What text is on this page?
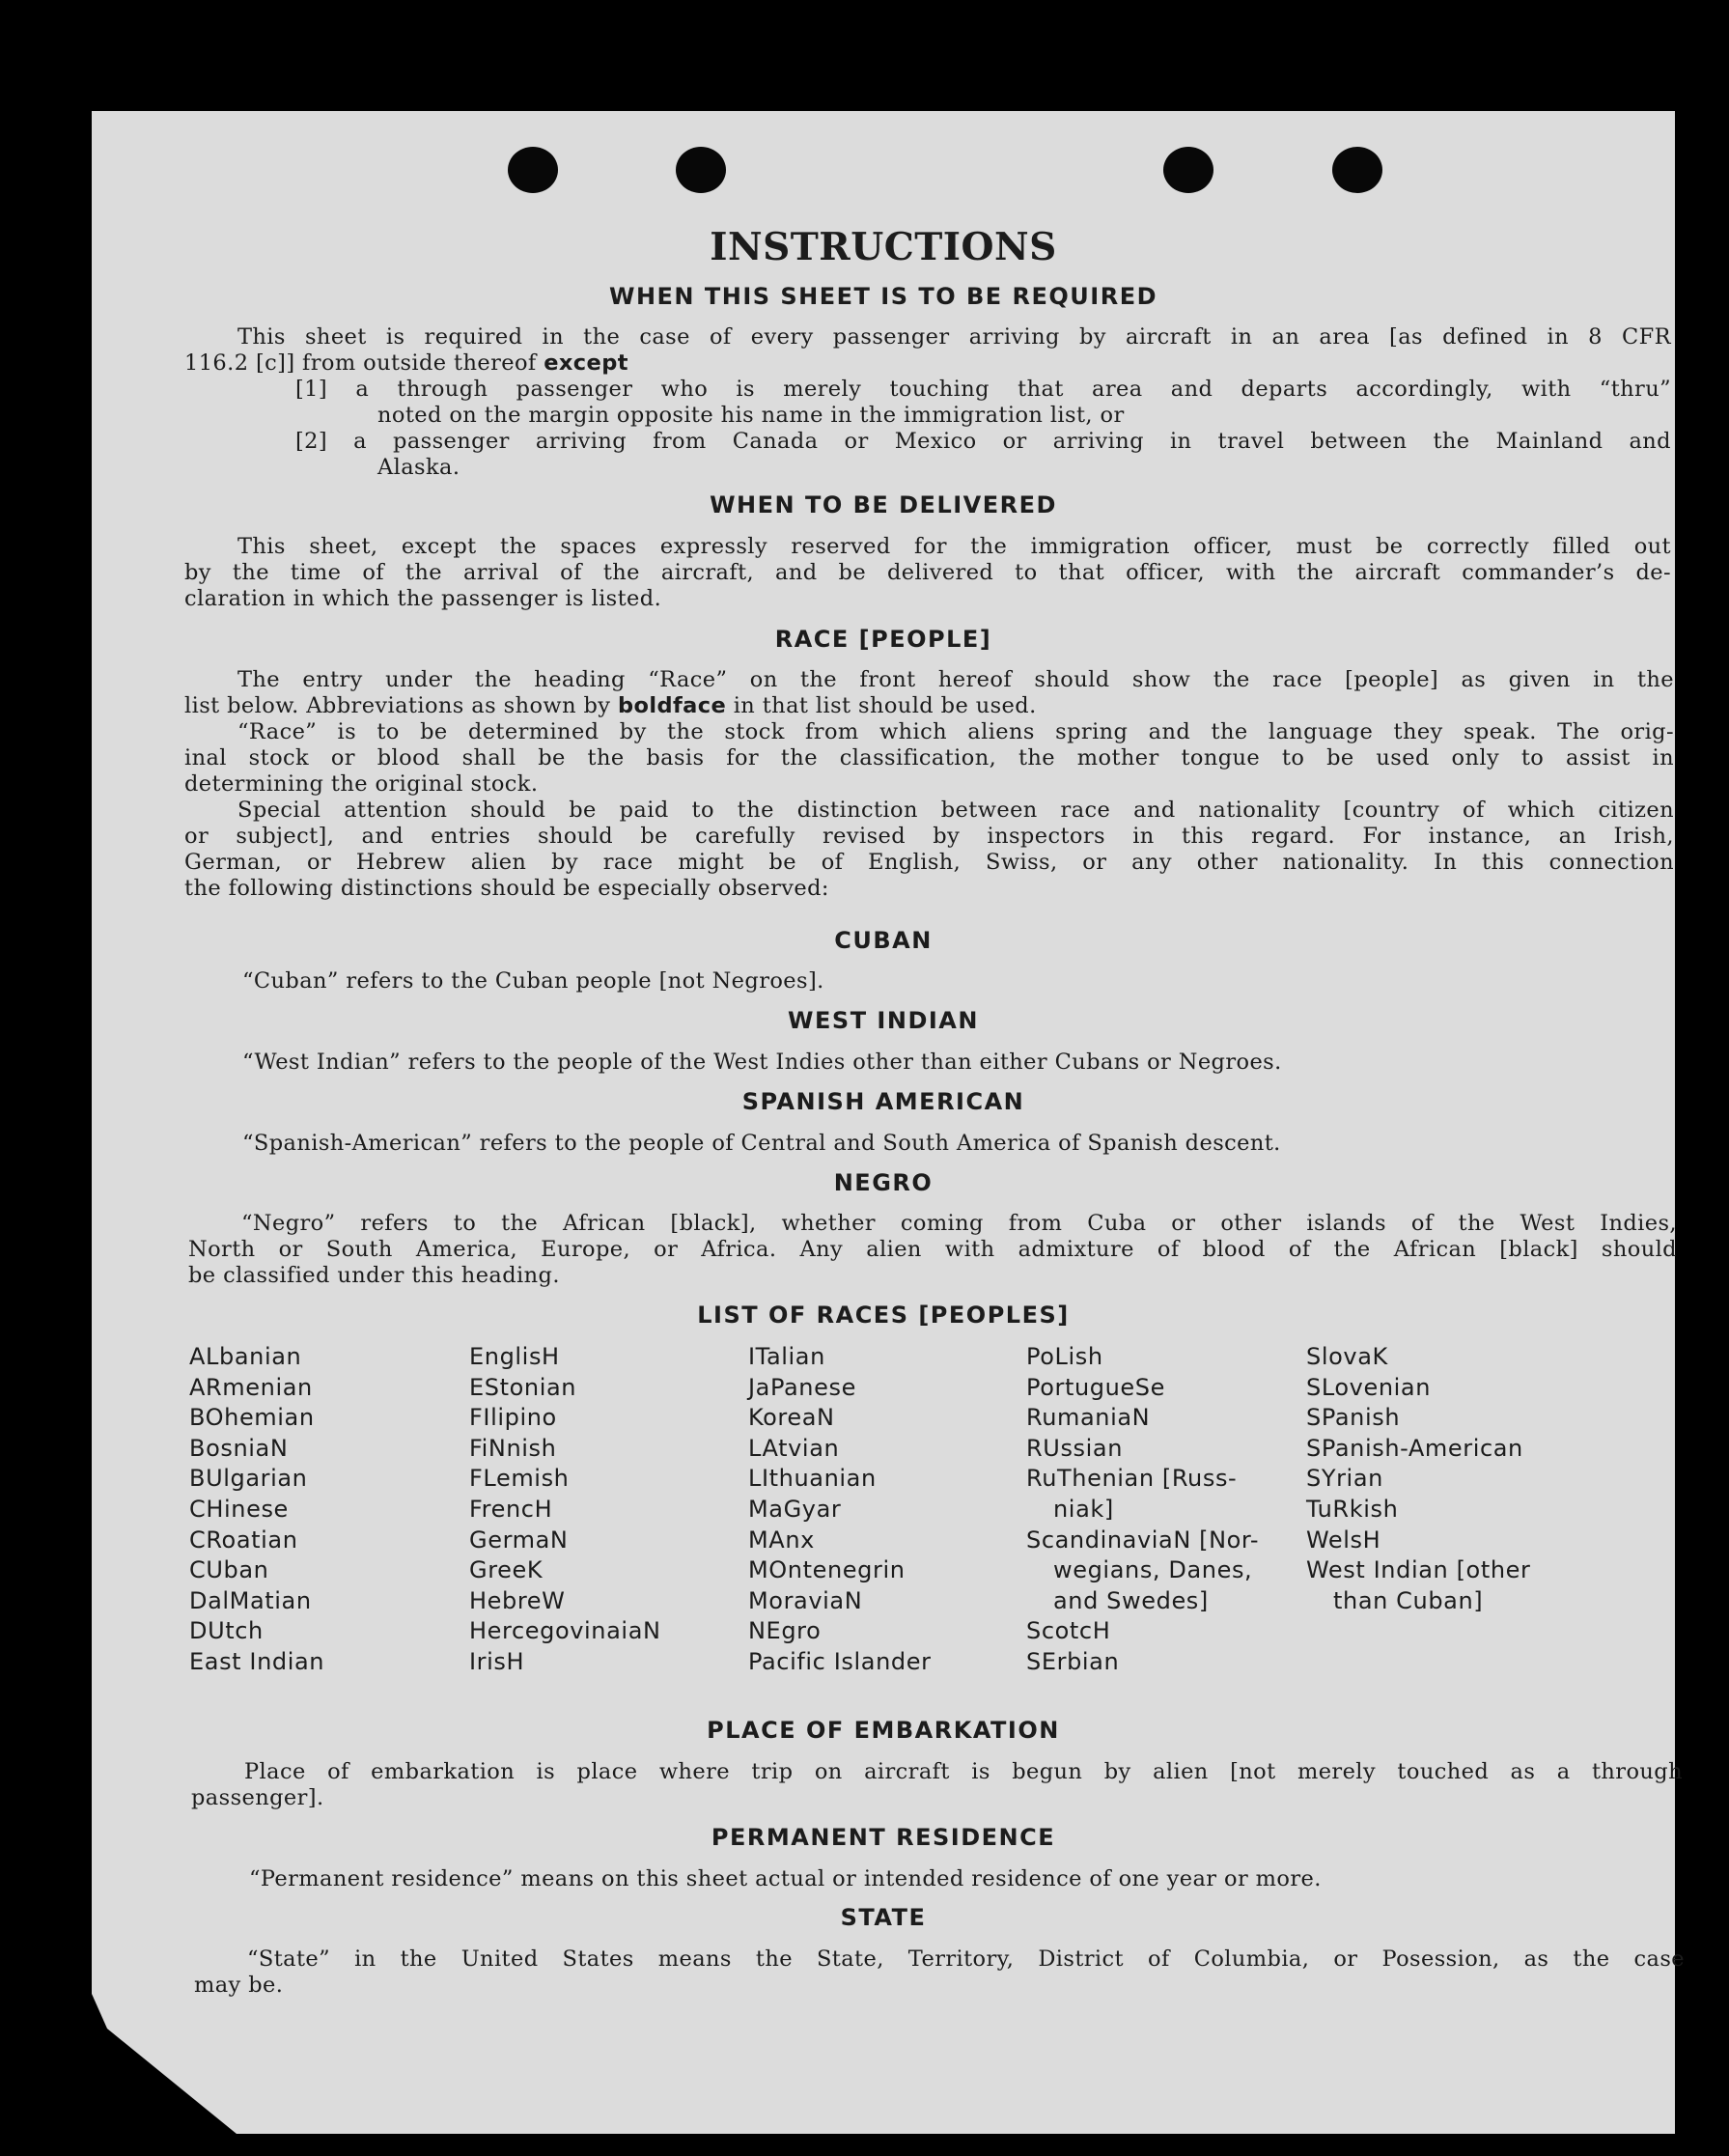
INSTRUCTIONS
WHEN THIS SHEET IS TO BE REQUIRED
This sheet is required in the case of every passenger arriving by aircraft in an area [as defined in 8 CFR
116.2 [c]] from outside thereof except
[1] a through passenger who is merely touching that area and departs accordingly, with “thru”
noted on the margin opposite his name in the immigration list, or
[2] a passenger arriving from Canada or Mexico or arriving in travel between the Mainland and
Alaska.
WHEN TO BE DELIVERED
This sheet, except the spaces expressly reserved for the immigration officer, must be correctly filled out
by the time of the arrival of the aircraft, and be delivered to that officer, with the aircraft commander’s de-
claration in which the passenger is listed.
RACE [PEOPLE]
The entry under the heading “Race” on the front hereof should show the race [people] as given in the
list below. Abbreviations as shown by boldface in that list should be used.
“Race” is to be determined by the stock from which aliens spring and the language they speak. The orig-
inal stock or blood shall be the basis for the classification, the mother tongue to be used only to assist in
determining the original stock.
Special attention should be paid to the distinction between race and nationality [country of which citizen
or subject], and entries should be carefully revised by inspectors in this regard. For instance, an Irish,
German, or Hebrew alien by race might be of English, Swiss, or any other nationality. In this connection
the following distinctions should be especially observed:
CUBAN
“Cuban” refers to the Cuban people [not Negroes].
WEST INDIAN
“West Indian” refers to the people of the West Indies other than either Cubans or Negroes.
SPANISH AMERICAN
“Spanish-American” refers to the people of Central and South America of Spanish descent.
NEGRO
“Negro” refers to the African [black], whether coming from Cuba or other islands of the West Indies,
North or South America, Europe, or Africa. Any alien with admixture of blood of the African [black] should
be classified under this heading.
LIST OF RACES [PEOPLES]
ALbanian
ARmenian
BOhemian
BosniaN
BUlgarian
CHinese
CRoatian
CUban
DalMatian
DUtch
East Indian
EnglisH
EStonian
FIlipino
FiNnish
FLemish
FrencH
GermaN
GreeK
HebreW
HercegovinaiaN
IrisH
ITalian
JaPanese
KoreaN
LAtvian
LIthuanian
MaGyar
MAnx
MOntenegrin
MoraviaN
NEgro
Pacific Islander
PoLish
PortugueSe
RumaniaN
RUssian
RuThenian [Russ-
niak]
ScandinaviaN [Nor-
wegians, Danes,
and Swedes]
ScotcH
SErbian
SlovaK
SLovenian
SPanish
SPanish-American
SYrian
TuRkish
WelsH
West Indian [other
than Cuban]
PLACE OF EMBARKATION
Place of embarkation is place where trip on aircraft is begun by alien [not merely touched as a through
passenger].
PERMANENT RESIDENCE
“Permanent residence” means on this sheet actual or intended residence of one year or more.
STATE
“State” in the United States means the State, Territory, District of Columbia, or Posession, as the case
may be.
